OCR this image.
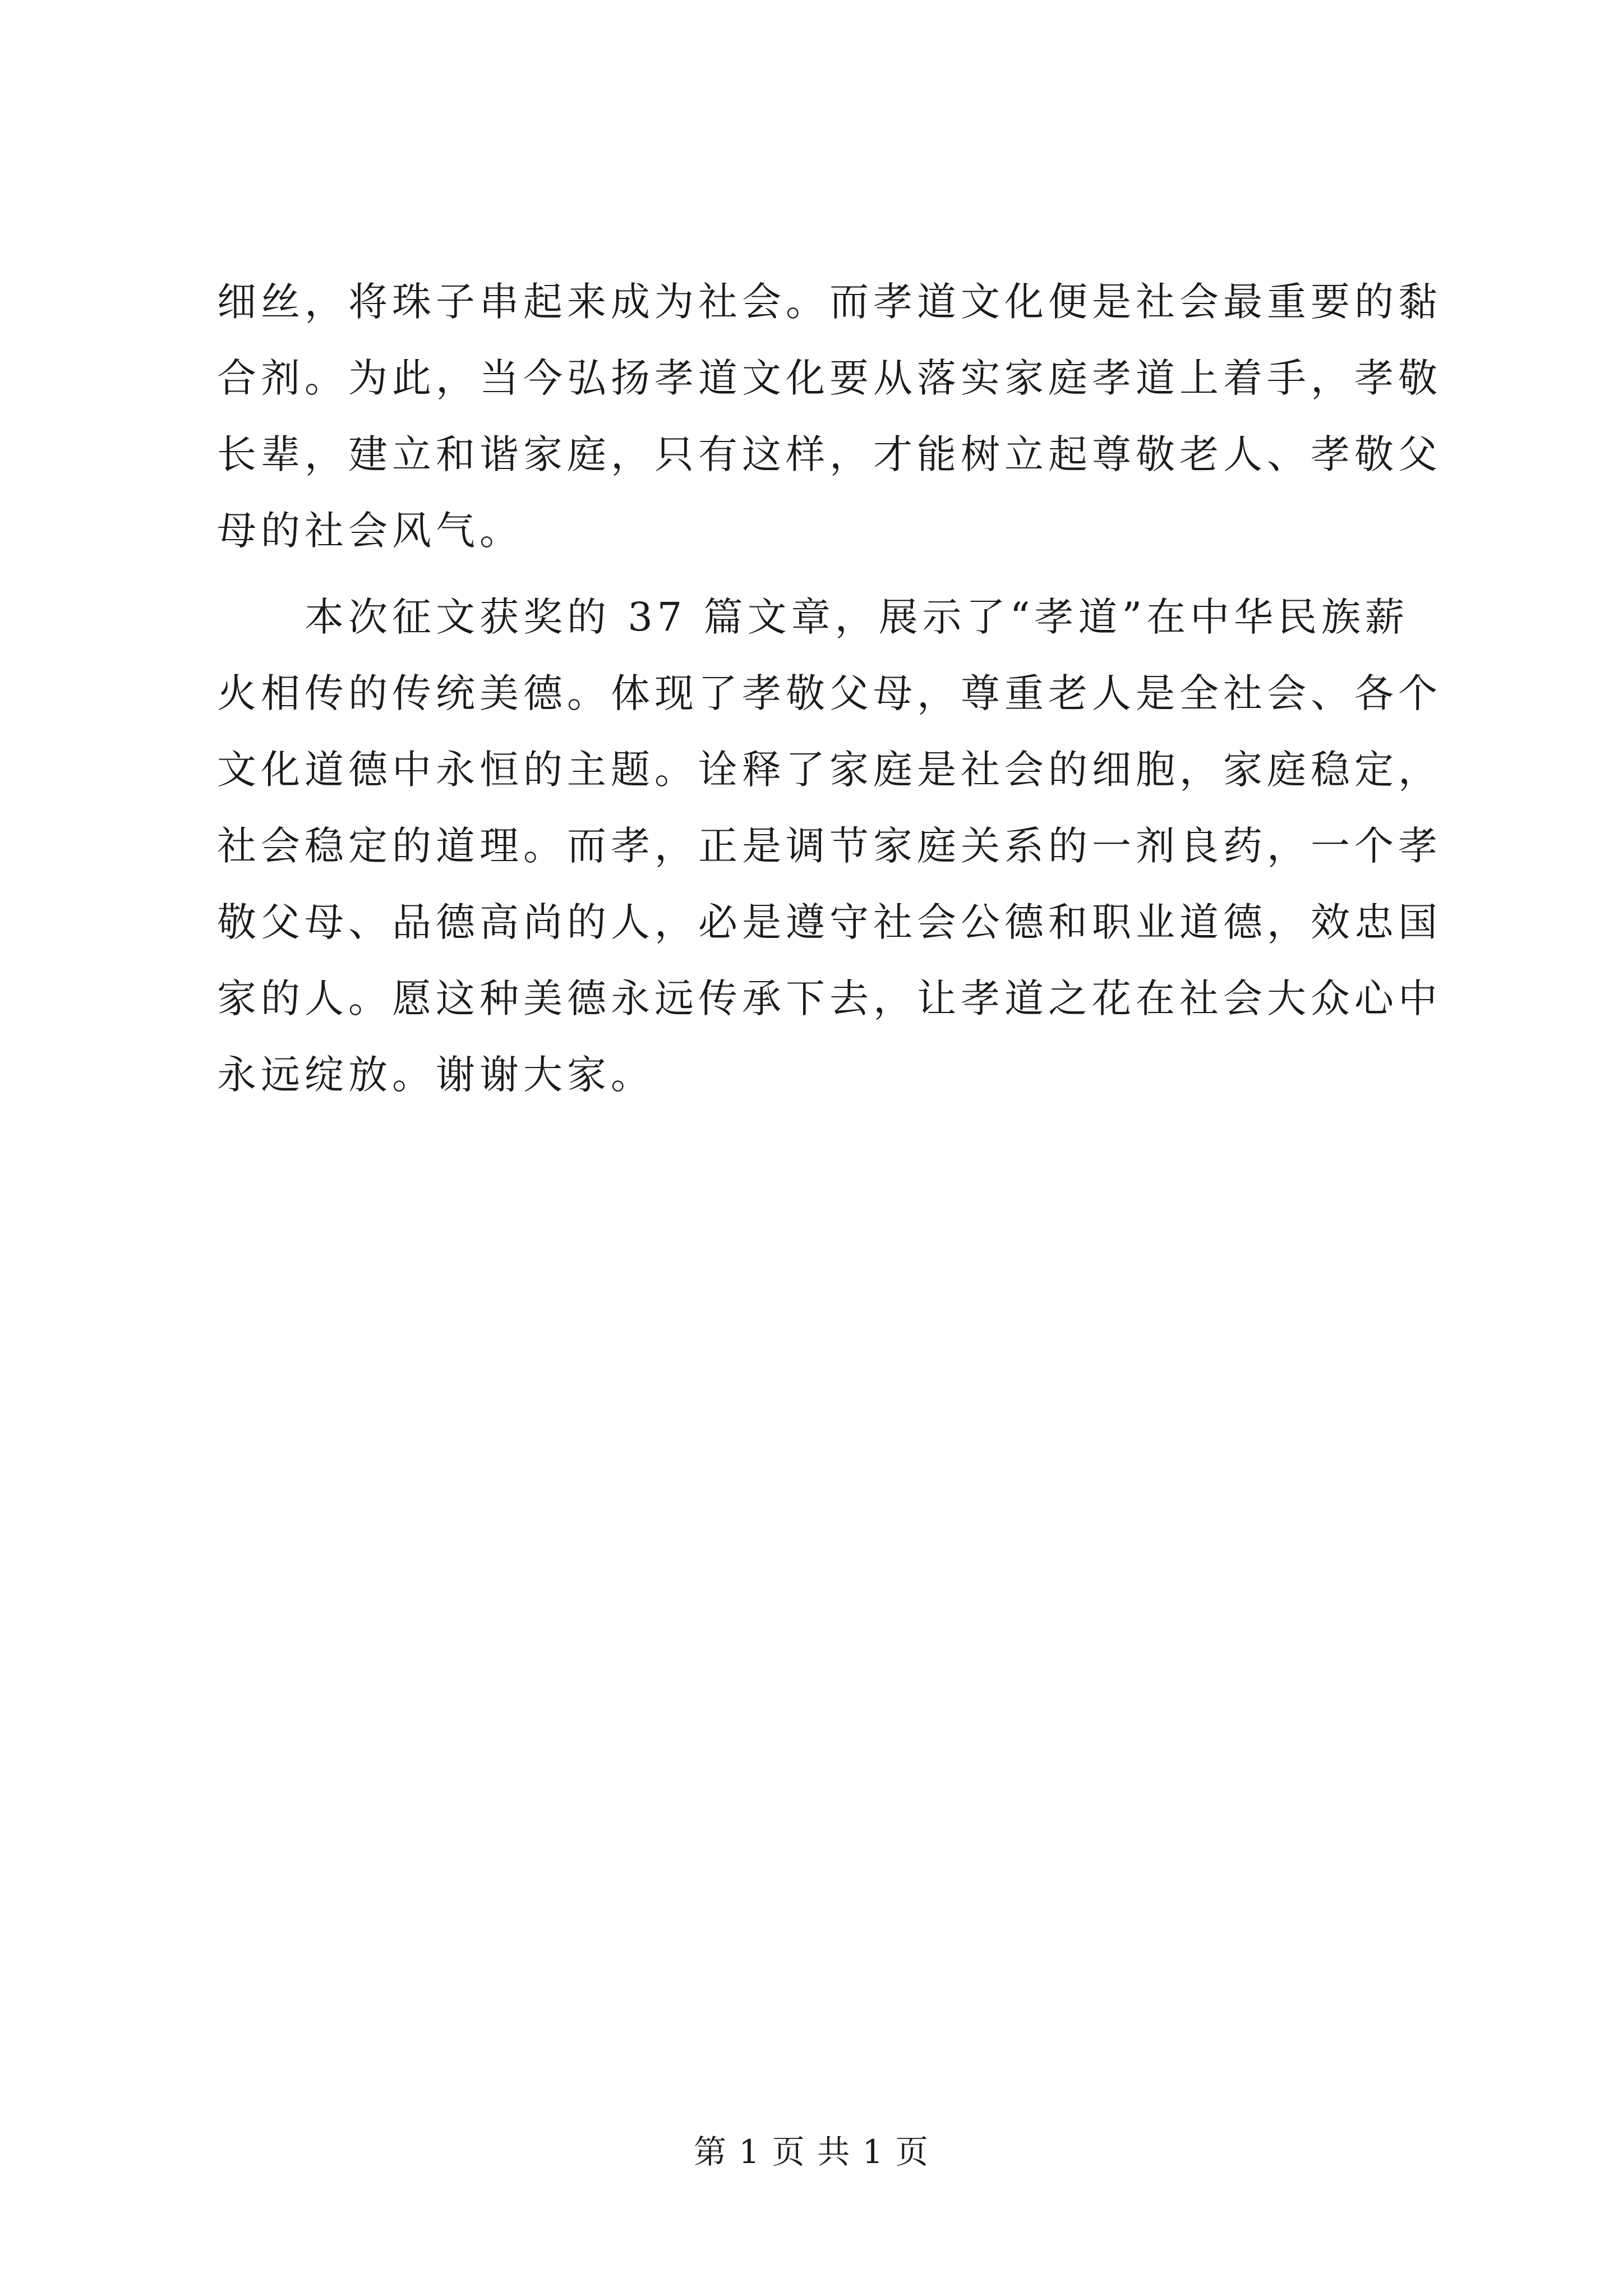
细丝，将珠子串起来成为社会。而孝道文化便是社会最重要的黏
合剂。为此，当今弘扬孝道文化要从落实家庭孝道上着手，孝敬
长辈，建立和谐家庭，只有这样，才能树立起尊敬老人、孝敬父
母的社会风气。
　　本次征文获奖的 37 篇文章，展示了“孝道”在中华民族薪
火相传的传统美德。体现了孝敬父母，尊重老人是全社会、各个
文化道德中永恒的主题。诠释了家庭是社会的细胞，家庭稳定，
社会稳定的道理。而孝，正是调节家庭关系的一剂良药，一个孝
敬父母、品德高尚的人，必是遵守社会公德和职业道德，效忠国
家的人。愿这种美德永远传承下去，让孝道之花在社会大众心中
永远绽放。谢谢大家。
第 1 页 共 1 页
